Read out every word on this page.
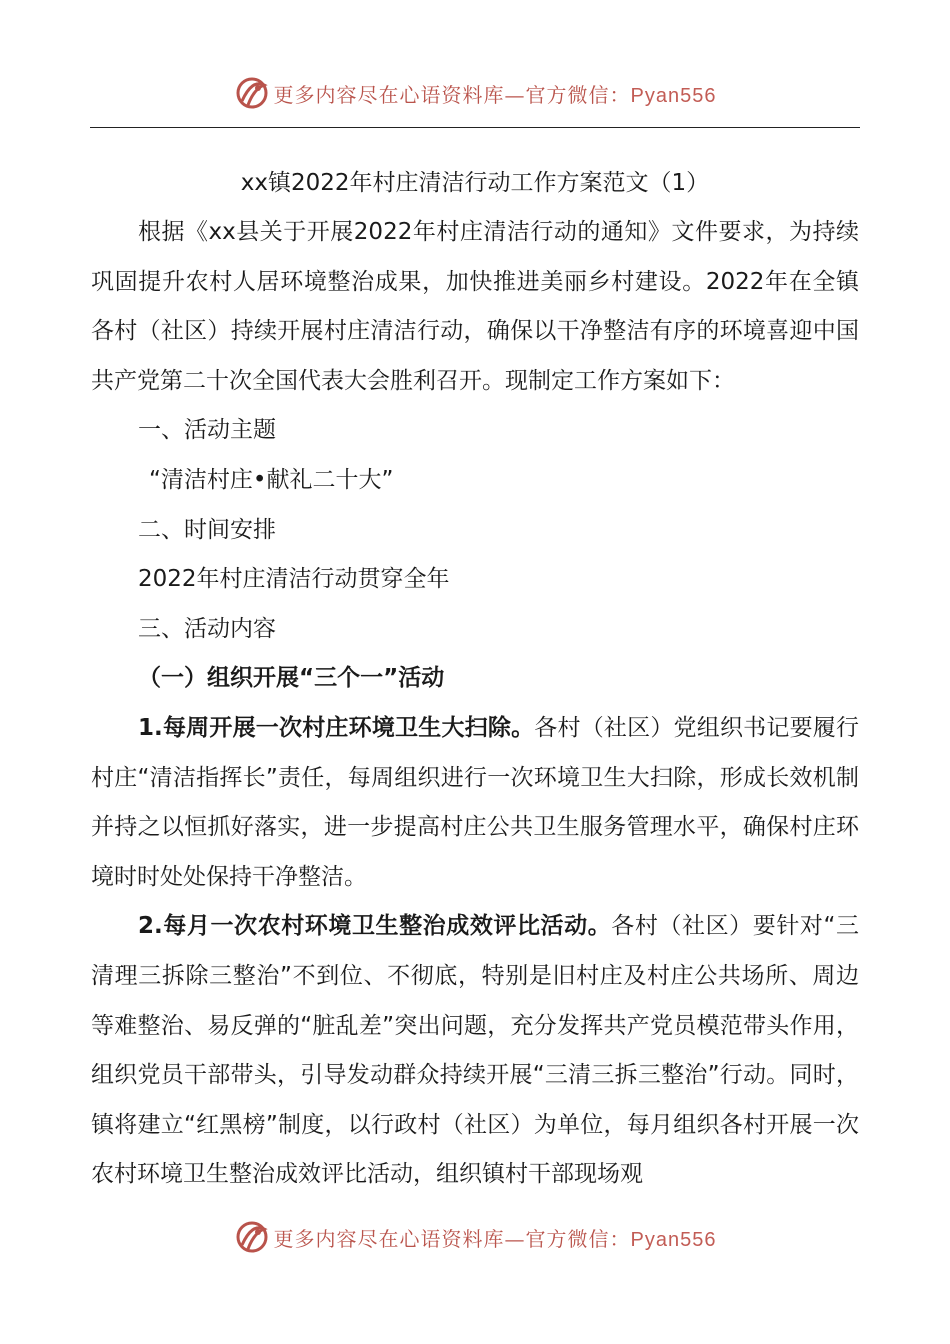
更多内容尽在心语资料库—官方微信：Pyan556

xx镇2022年村庄清洁行动工作方案范文（1）

根据《xx县关于开展2022年村庄清洁行动的通知》文件要求，为持续巩固提升农村人居环境整治成果，加快推进美丽乡村建设。2022年在全镇各村（社区）持续开展村庄清洁行动，确保以干净整洁有序的环境喜迎中国共产党第二十次全国代表大会胜利召开。现制定工作方案如下：

一、活动主题

“清洁村庄•献礼二十大”

二、时间安排

2022年村庄清洁行动贯穿全年

三、活动内容

（一）组织开展“三个一”活动

1.每周开展一次村庄环境卫生大扫除。各村（社区）党组织书记要履行村庄“清洁指挥长”责任，每周组织进行一次环境卫生大扫除，形成长效机制并持之以恒抓好落实，进一步提高村庄公共卫生服务管理水平，确保村庄环境时时处处保持干净整洁。

2.每月一次农村环境卫生整治成效评比活动。各村（社区）要针对“三清理三拆除三整治”不到位、不彻底，特别是旧村庄及村庄公共场所、周边等难整治、易反弹的“脏乱差”突出问题，充分发挥共产党员模范带头作用，组织党员干部带头，引导发动群众持续开展“三清三拆三整治”行动。同时，镇将建立“红黑榜”制度，以行政村（社区）为单位，每月组织各村开展一次农村环境卫生整治成效评比活动，组织镇村干部现场观

更多内容尽在心语资料库—官方微信：Pyan556
